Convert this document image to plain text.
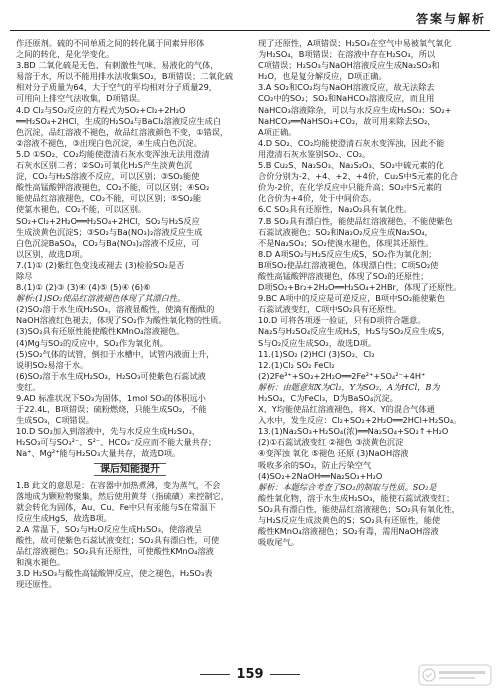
答案与解析
作还原剂。硫的不同单质之间的转化属于同素异形体
之间的转化，是化学变化。
3.BD 二氧化硫是无色、有刺激性气味、易液化的气体，
易溶于水，所以不能用排水法收集SO₂，B项错误；二氧化硫
相对分子质量为64，大于空气的平均相对分子质量29，
可用向上排空气法收集，D项错误。
4.D Cl₂与SO₂反应的方程式为SO₂+Cl₂+2H₂O
══H₂SO₄+2HCl，生成的H₂SO₄与BaCl₂溶液反应生成白
色沉淀，品红溶液不褪色，故品红溶液颜色不变，①错误，
②溶液不褪色，③出现白色沉淀，④生成白色沉淀。
5.D ①SO₂、CO₂均能使澄清石灰水变浑浊无法用澄清
石灰水区别二者；②SO₂可氧化H₂S产生淡黄色沉
淀，CO₂与H₂S溶液不反应，可以区别；③SO₂能使
酸性高锰酸钾溶液褪色，CO₂不能，可以区别；④SO₂
能使品红溶液褪色，CO₂不能，可以区别；⑤SO₂能
使氯水褪色，CO₂不能，可以区别。
SO₂+Cl₂+2H₂O══H₂SO₄+2HCl，SO₂与H₂S反应
生成淡黄色沉淀S；③SO₂与Ba(NO₃)₂溶液反应生成
白色沉淀BaSO₄，CO₂与Ba(NO₃)₂溶液不反应，可
以区别，故选D项。
7.(1)① (2)紫红色变浅或褪去 (3)检验SO₂是否
除尽
8.(1)① (2)③ (3)④ (4)⑤ (5)④ (6)⑥
解析:(1)SO₂使品红溶液褪色体现了其漂白性。
(2)SO₂溶于水生成H₂SO₃，溶液显酸性，使滴有酚酞的
NaOH溶液红色褪去，体现了SO₂作为酸性氧化物的性质。
(3)SO₂具有还原性能使酸性KMnO₄溶液褪色。
(4)Mg与SO₂的反应中，SO₂作为氧化剂。
(5)SO₂气体的试管，倒扣于水槽中，试管内液面上升，
说明SO₂易溶于水。
(6)SO₂溶于水生成H₂SO₃，H₂SO₃可使紫色石蕊试液
变红。
9.AD 标准状况下SO₃为固体，1mol SO₃的体积远小
于22.4L，B项错误；硫粉燃烧，只能生成SO₂，不能
生成SO₃，C项错误。
10.D SO₂加入到溶液中，先与水反应生成H₂SO₃，
H₂SO₃可与SO₃²⁻、S²⁻、HCO₃⁻反应而不能大量共存；
Na⁺、Mg²⁺能与H₂SO₃大量共存，故选D项。
课后知能提升
1.B 此文的意思是：在容器中加热煮沸，变为蒸气，不会
落地成为颗粒物聚集，然后使用黄芽（指硫磺）来控制它，
就会转化为固体，Au、Cu、Fe中只有汞能与S在常温下
反应生成HgS，故选B项。
2.A 常温下，SO₂与H₂O反应生成H₂SO₃，使溶液呈
酸性，故可使紫色石蕊试液变红；SO₂具有漂白性，可使
品红溶液褪色；SO₂具有还原性，可使酸性KMnO₄溶液
和溴水褪色。
3.D H₂SO₃与酸性高锰酸钾反应，使之褪色，H₂SO₃表
现还原性。
现了还原性，A项错误；H₂SO₃在空气中易被氧气氧化
为H₂SO₄，B项错误；在溶液中存在H₂SO₃，所以
C项错误；H₂SO₃与NaOH溶液反应生成Na₂SO₃和
H₂O，也是复分解反应，D项正确。
3.A SO₂和CO₂均与NaOH溶液反应，故无法除去
CO₂中的SO₂；SO₂和NaHCO₃溶液反应，而且用
NaHCO₃溶液除杂，可以与水反应生成H₂SO₃：SO₂+
NaHCO₃══NaHSO₃+CO₂，故可用来除去SO₂，
A项正确。
4.D SO₂、CO₂均能使澄清石灰水变浑浊，因此不能
用澄清石灰水鉴别SO₂、CO₂。
5.B Cu₂S、Na₂SO₃、Na₂S₂O₃、SO₂中硫元素的化
合价分别为-2、+4、+2、+4价，Cu₂S中S元素的化合
价为-2价，在化学反应中只能升高；SO₂中S元素的
化合价为+4价，处于中间价态。
6.C SO₂具有还原性，Na₂O₂具有氧化性。
7.B SO₂具有漂白性，能使品红溶液褪色，不能使紫色
石蕊试液褪色；SO₂和Na₂O₂反应生成Na₂SO₄，
不是Na₂SO₃；SO₂使溴水褪色，体现其还原性。
8.D A项SO₂与H₂S反应生成S，SO₂作为氧化剂；
B项SO₂使品红溶液褪色，体现漂白性；C项SO₂使
酸性高锰酸钾溶液褪色，体现了SO₂的还原性；
D项SO₂+Br₂+2H₂O══H₂SO₄+2HBr，体现了还原性。
9.BC A项中的反应是可逆反应，B项中SO₂能使紫色
石蕊试液变红，C项中SO₂具有还原性。
10.D 可将各项逐一验证，只有D项符合题意。
Na₂S与H₂SO₄反应生成H₂S，H₂S与SO₂反应生成S，
S与O₂反应生成SO₂，故选D项。
11.(1)SO₂ (2)HCl (3)SO₂、Cl₂
12.(1)Cl₂ SO₂ FeCl₂
(2)2Fe³⁺+SO₂+2H₂O══2Fe²⁺+SO₄²⁻+4H⁺
解析：由题意知X为Cl₂，Y为SO₂，A为HCl，B为
H₂SO₄，C为FeCl₃，D为BaSO₄沉淀。
X、Y均能使品红溶液褪色，将X、Y的混合气体通
入水中，发生反应：Cl₂+SO₂+2H₂O══2HCl+H₂SO₄。
13.(1)Na₂SO₃+H₂SO₄(浓)══Na₂SO₄+SO₂↑+H₂O
(2)①石蕊试液变红 ②褪色 ③淡黄色沉淀
④变浑浊 氧化 ⑤褪色 还原 (3)NaOH溶液
吸收多余的SO₂，防止污染空气
(4)SO₂+2NaOH══Na₂SO₃+H₂O
解析：本题综合考查了SO₂的制取与性质。SO₂是
酸性氧化物，溶于水生成H₂SO₃，能使石蕊试液变红；
SO₂具有漂白性，能使品红溶液褪色；SO₂具有氧化性，
与H₂S反应生成淡黄色的S；SO₂具有还原性，能使
酸性KMnO₄溶液褪色；SO₂有毒，需用NaOH溶液
吸收尾气。
159
